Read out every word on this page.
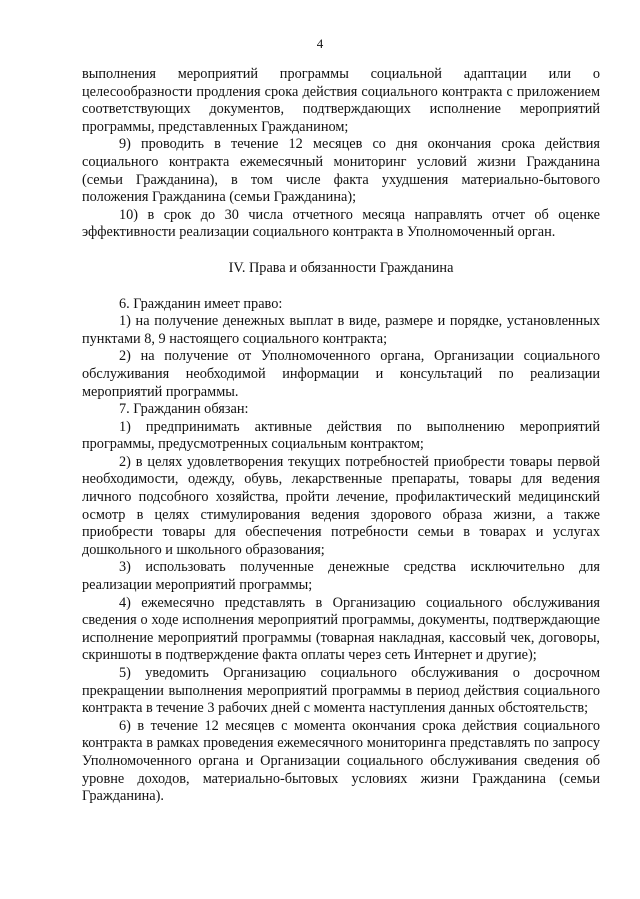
4

выполнения мероприятий программы социальной адаптации или о целесообразности продления срока действия социального контракта с приложением соответствующих документов, подтверждающих исполнение мероприятий программы, представленных Гражданином;

9) проводить в течение 12 месяцев со дня окончания срока действия социального контракта ежемесячный мониторинг условий жизни Гражданина (семьи Гражданина), в том числе факта ухудшения материально-бытового положения Гражданина (семьи Гражданина);

10) в срок до 30 числа отчетного месяца направлять отчет об оценке эффективности реализации социального контракта в Уполномоченный орган.

IV. Права и обязанности Гражданина

6. Гражданин имеет право:

1) на получение денежных выплат в виде, размере и порядке, установленных пунктами 8, 9 настоящего социального контракта;

2) на получение от Уполномоченного органа, Организации социального обслуживания необходимой информации и консультаций по реализации мероприятий программы.

7. Гражданин обязан:

1) предпринимать активные действия по выполнению мероприятий программы, предусмотренных социальным контрактом;

2) в целях удовлетворения текущих потребностей приобрести товары первой необходимости, одежду, обувь, лекарственные препараты, товары для ведения личного подсобного хозяйства, пройти лечение, профилактический медицинский осмотр в целях стимулирования ведения здорового образа жизни, а также приобрести товары для обеспечения потребности семьи в товарах и услугах дошкольного и школьного образования;

3) использовать полученные денежные средства исключительно для реализации мероприятий программы;

4) ежемесячно представлять в Организацию социального обслуживания сведения о ходе исполнения мероприятий программы, документы, подтверждающие исполнение мероприятий программы (товарная накладная, кассовый чек, договоры, скриншоты в подтверждение факта оплаты через сеть Интернет и другие);

5) уведомить Организацию социального обслуживания о досрочном прекращении выполнения мероприятий программы в период действия социального контракта в течение 3 рабочих дней с момента наступления данных обстоятельств;

6) в течение 12 месяцев с момента окончания срока действия социального контракта в рамках проведения ежемесячного мониторинга представлять по запросу Уполномоченного органа и Организации социального обслуживания сведения об уровне доходов, материально-бытовых условиях жизни Гражданина (семьи Гражданина).
